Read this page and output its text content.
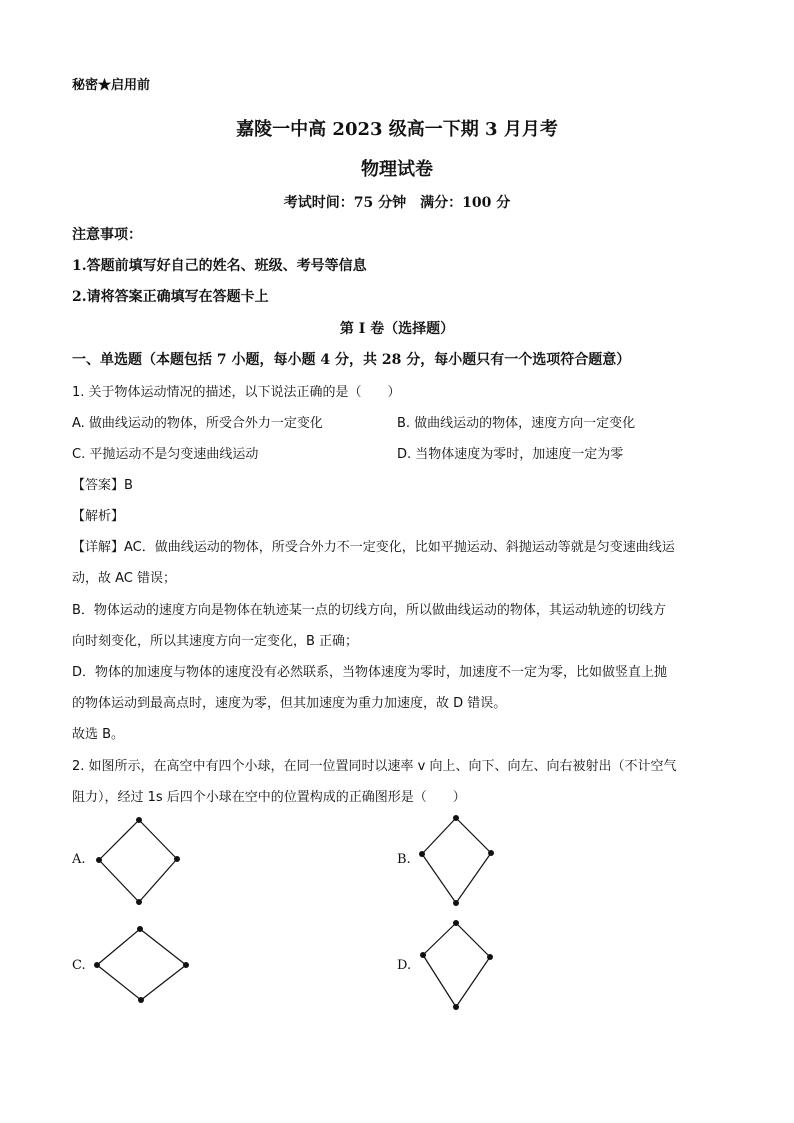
秘密★启用前
嘉陵一中高 2023 级高一下期 3 月月考
物理试卷
考试时间：75 分钟　满分：100 分
注意事项：
1.答题前填写好自己的姓名、班级、考号等信息
2.请将答案正确填写在答题卡上
第 I 卷（选择题）
一、单选题（本题包括 7 小题，每小题 4 分，共 28 分，每小题只有一个选项符合题意）
1. 关于物体运动情况的描述，以下说法正确的是（　　）
A. 做曲线运动的物体，所受合外力一定变化	B. 做曲线运动的物体，速度方向一定变化
C. 平抛运动不是匀变速曲线运动	D. 当物体速度为零时，加速度一定为零
【答案】B
【解析】
【详解】AC．做曲线运动的物体，所受合外力不一定变化，比如平抛运动、斜抛运动等就是匀变速曲线运
动，故 AC 错误；
B．物体运动的速度方向是物体在轨迹某一点的切线方向，所以做曲线运动的物体，其运动轨迹的切线方
向时刻变化，所以其速度方向一定变化，B 正确；
D．物体的加速度与物体的速度没有必然联系，当物体速度为零时，加速度不一定为零，比如做竖直上抛
的物体运动到最高点时，速度为零，但其加速度为重力加速度，故 D 错误。
故选 B。
2. 如图所示，在高空中有四个小球，在同一位置同时以速率 v 向上、向下、向左、向右被射出（不计空气
阻力），经过 1s 后四个小球在空中的位置构成的正确图形是（　　）
A.	B.
C.	D.
